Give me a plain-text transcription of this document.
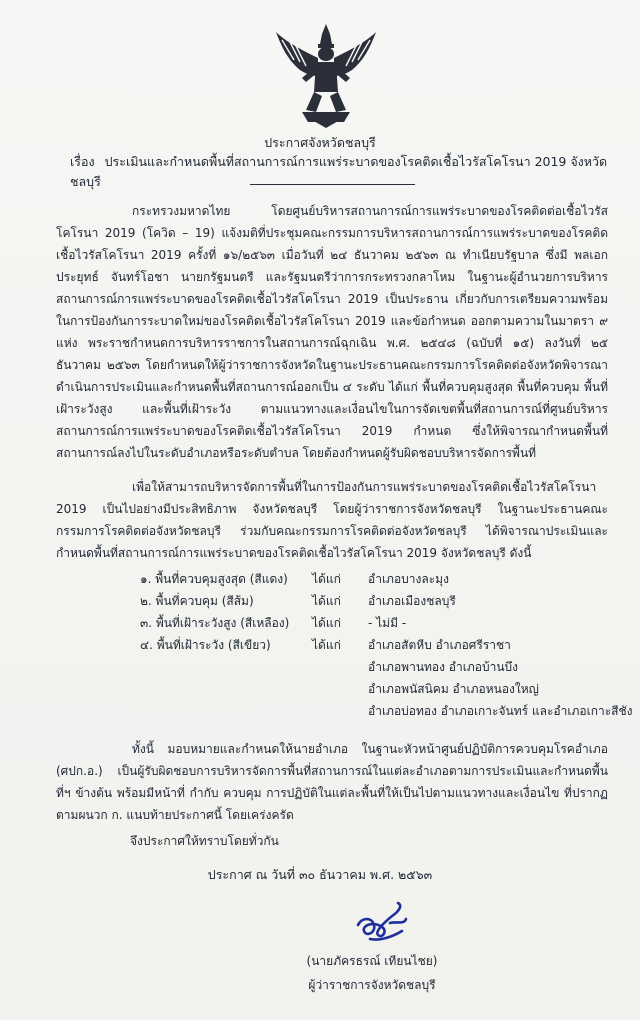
ประกาศจังหวัดชลบุรี
เรื่อง ประเมินและกำหนดพื้นที่สถานการณ์การแพร่ระบาดของโรคติดเชื้อไวรัสโคโรนา 2019 จังหวัดชลบุรี

กระทรวงมหาดไทย โดยศูนย์บริหารสถานการณ์การแพร่ระบาดของโรคติดต่อเชื้อไวรัสโคโรนา 2019 (โควิด – 19) แจ้งมติที่ประชุมคณะกรรมการบริหารสถานการณ์การแพร่ระบาดของโรคติดเชื้อไวรัสโคโรนา 2019 ครั้งที่ ๑๖/๒๕๖๓ เมื่อวันที่ ๒๔ ธันวาคม ๒๕๖๓ ณ ทำเนียบรัฐบาล ซึ่งมี พลเอก ประยุทธ์ จันทร์โอชา นายกรัฐมนตรี และรัฐมนตรีว่าการกระทรวงกลาโหม ในฐานะผู้อำนวยการบริหารสถานการณ์การแพร่ระบาดของโรคติดเชื้อไวรัสโคโรนา 2019 เป็นประธาน เกี่ยวกับการเตรียมความพร้อมในการป้องกันการระบาดใหม่ของโรคติดเชื้อไวรัสโคโรนา 2019 และข้อกำหนด ออกตามความในมาตรา ๙ แห่ง พระราชกำหนดการบริหารราชการในสถานการณ์ฉุกเฉิน พ.ศ. ๒๕๔๘ (ฉบับที่ ๑๕) ลงวันที่ ๒๕ ธันวาคม ๒๕๖๓ โดยกำหนดให้ผู้ว่าราชการจังหวัดในฐานะประธานคณะกรรมการโรคติดต่อจังหวัดพิจารณาดำเนินการประเมินและกำหนดพื้นที่สถานการณ์ออกเป็น ๔ ระดับ ได้แก่ พื้นที่ควบคุมสูงสุด พื้นที่ควบคุม พื้นที่เฝ้าระวังสูง และพื้นที่เฝ้าระวัง ตามแนวทางและเงื่อนไขในการจัดเขตพื้นที่สถานการณ์ที่ศูนย์บริหารสถานการณ์การแพร่ระบาดของโรคติดเชื้อไวรัสโคโรนา 2019 กำหนด ซึ่งให้พิจารณากำหนดพื้นที่สถานการณ์ลงไปในระดับอำเภอหรือระดับตำบล โดยต้องกำหนดผู้รับผิดชอบบริหารจัดการพื้นที่

เพื่อให้สามารถบริหารจัดการพื้นที่ในการป้องกันการแพร่ระบาดของโรคติดเชื้อไวรัสโคโรนา 2019 เป็นไปอย่างมีประสิทธิภาพ จังหวัดชลบุรี โดยผู้ว่าราชการจังหวัดชลบุรี ในฐานะประธานคณะกรรมการโรคติดต่อจังหวัดชลบุรี ร่วมกับคณะกรรมการโรคติดต่อจังหวัดชลบุรี ได้พิจารณาประเมินและกำหนดพื้นที่สถานการณ์การแพร่ระบาดของโรคติดเชื้อไวรัสโคโรนา 2019 จังหวัดชลบุรี ดังนี้

๑. พื้นที่ควบคุมสูงสุด (สีแดง) ได้แก่ อำเภอบางละมุง
๒. พื้นที่ควบคุม (สีส้ม)	ได้แก่ อำเภอเมืองชลบุรี
๓. พื้นที่เฝ้าระวังสูง (สีเหลือง) ได้แก่ - ไม่มี -
๔. พื้นที่เฝ้าระวัง (สีเขียว)	ได้แก่ อำเภอสัตหีบ อำเภอศรีราชา
อำเภอพานทอง อำเภอบ้านบึง
อำเภอพนัสนิคม อำเภอหนองใหญ่
อำเภอบ่อทอง อำเภอเกาะจันทร์ และอำเภอเกาะสีชัง

ทั้งนี้ มอบหมายและกำหนดให้นายอำเภอ ในฐานะหัวหน้าศูนย์ปฏิบัติการควบคุมโรคอำเภอ (ศปก.อ.) เป็นผู้รับผิดชอบการบริหารจัดการพื้นที่สถานการณ์ในแต่ละอำเภอตามการประเมินและกำหนดพื้นที่ฯ ข้างต้น พร้อมมีหน้าที่ กำกับ ควบคุม การปฏิบัติในแต่ละพื้นที่ให้เป็นไปตามแนวทางและเงื่อนไข ที่ปรากฏตามผนวก ก. แนบท้ายประกาศนี้ โดยเคร่งครัด

จึงประกาศให้ทราบโดยทั่วกัน
ประกาศ ณ วันที่ ๓๐ ธันวาคม พ.ศ. ๒๕๖๓
(นายภัครธรณ์ เทียนไชย)
ผู้ว่าราชการจังหวัดชลบุรี
